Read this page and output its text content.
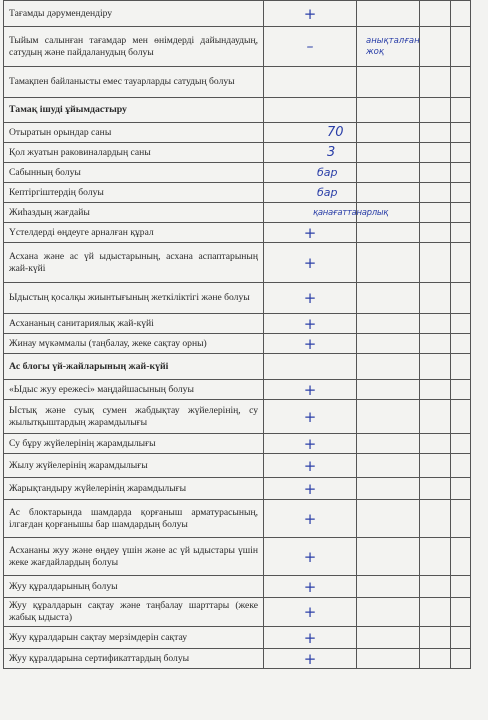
Тағамды дәрумендендіру	+			

Тыйым салынған тағамдар мен өнімдерді дайындаудың, сатудың және пайдаланудың болуы	–	анықталған
жоқ		

Тамақпен байланысты емес тауарларды сатудың болуы				
Тамақ ішуді ұйымдастыру				
Отыратын орындар саны	70			

Қол жуатын раковиналардың саны	3			

Сабынның болуы	бар			

Кептіргіштердің болуы	бар			

Жиһаздың жағдайы	қанағаттанарлық			

Үстелдерді өңдеуге арналған құрал	+			

Асхана және ас үй ыдыстарының, асхана аспаптарының жай-күйі	+			

Ыдыстың қосалқы жиынтығының жеткіліктігі және болуы	+			

Асхананың санитариялық жай-күйі	+			

Жинау мүкәммалы (таңбалау, жеке сақтау орны)	+			

Ас блогы үй-жайларының жай-күйі				
«Ыдыс жуу ережесі» маңдайшасының болуы	+			

Ыстық және суық сумен жабдықтау жүйелерінің, су жылытқыштардың жарамдылығы	+			

Су бұру жүйелерінің жарамдылығы	+			

Жылу жүйелерінің жарамдылығы	+			

Жарықтандыру жүйелерінің жарамдылығы	+			

Ас блоктарында шамдарда қорғаныш арматурасының, ілгағдан қорғанышы бар шамдардың болуы	+			

Асхананы жуу және өңдеу үшін және ас үй ыдыстары үшін жеке жағдайлардың болуы	+			

Жуу құралдарының болуы	+			

Жуу құралдарын сақтау және таңбалау шарттары (жеке жабық ыдыста)	+			

Жуу құралдарын сақтау мерзімдерін сақтау	+			

Жуу құралдарына сертификаттардың болуы	+			
